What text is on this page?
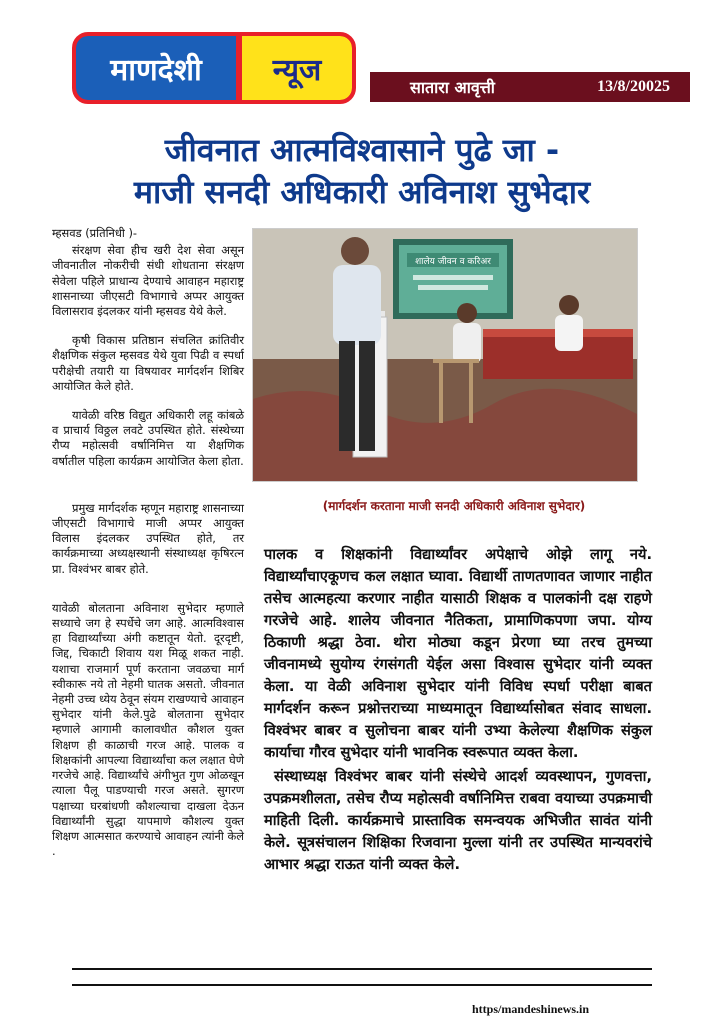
माणदेशी	न्यूज	सातारा आवृत्ती	13/8/20025
जीवनात आत्मविश्वासाने पुढे जा -
माजी सनदी अधिकारी अविनाश सुभेदार

म्हसवड (प्रतिनिधी )-

संरक्षण सेवा हीच खरी देश सेवा असून जीवनातील नोकरीची संधी शोधताना संरक्षण सेवेला पहिले प्राधान्य देण्याचे आवाहन महाराष्ट्र शासनाच्या जीएसटी विभागाचे अप्पर आयुक्त विलासराव इंदलकर यांनी म्हसवड येथे केले.

कृषी विकास प्रतिष्ठान संचलित क्रांतिवीर शैक्षणिक संकुल म्हसवड येथे युवा पिढी व स्पर्धा परीक्षेची तयारी या विषयावर मार्गदर्शन शिबिर आयोजित केले होते.

यावेळी वरिष्ठ विद्युत अधिकारी लहू कांबळे व प्राचार्य विठ्ठल लवटे उपस्थित होते. संस्थेच्या रौप्य महोत्सवी वर्षानिमित्त या शैक्षणिक वर्षातील पहिला कार्यक्रम आयोजित केला होता.

प्रमुख मार्गदर्शक म्हणून महाराष्ट्र शासनाच्या जीएसटी विभागाचे माजी अप्पर आयुक्त विलास इंदलकर उपस्थित होते, तर कार्यक्रमाच्या अध्यक्षस्थानी संस्थाध्यक्ष कृषिरत्न प्रा. विश्वंभर बाबर होते.

यावेळी बोलताना अविनाश सुभेदार म्हणाले सध्याचे जग हे स्पर्धेचे जग आहे. आत्मविश्वास हा विद्यार्थ्यांच्या अंगी कष्टातून येतो. दूरदृष्टी, जिद्द, चिकाटी शिवाय यश मिळू शकत नाही. यशाचा राजमार्ग पूर्ण करताना जवळचा मार्ग स्वीकारू नये तो नेहमी घातक असतो. जीवनात नेहमी उच्च ध्येय ठेवून संयम राखण्याचे आवाहन सुभेदार यांनी केले.पुढे बोलताना सुभेदार म्हणाले आगामी कालावधीत कौशल युक्त शिक्षण ही काळाची गरज आहे. पालक व शिक्षकांनी आपल्या विद्यार्थ्यांचा कल लक्षात घेणे गरजेचे आहे. विद्यार्थ्यांचे अंगीभुत गुण ओळखून त्याला पैलू पाडण्याची गरज असते. सुगरण पक्षाच्या घरबांधणी कौशल्याचा दाखला देऊन विद्यार्थ्यांनी सुद्धा यापमाणे कौशल्य युक्त शिक्षण आत्मसात करण्याचे आवाहन त्यांनी केले .

शालेय जीवन व करिअर
(मार्गदर्शन करताना माजी सनदी अधिकारी अविनाश सुभेदार)

पालक व शिक्षकांनी विद्यार्थ्यांवर अपेक्षाचे ओझे लागू नये. विद्यार्थ्यांचाएकूणच कल लक्षात घ्यावा. विद्यार्थी ताणतणावत जाणार नाहीत तसेच आत्महत्या करणार नाहीत यासाठी शिक्षक व पालकांनी दक्ष राहणे गरजेचे आहे. शालेय जीवनात नैतिकता, प्रामाणिकपणा जपा. योग्य ठिकाणी श्रद्धा ठेवा. थोरा मोठ्या कडून प्रेरणा घ्या तरच तुमच्या जीवनामध्ये सुयोग्य रंगसंगती येईल असा विश्वास सुभेदार यांनी व्यक्त केला. या वेळी अविनाश सुभेदार यांनी विविध स्पर्धा परीक्षा बाबत मार्गदर्शन करून प्रश्नोत्तराच्या माध्यमातून विद्यार्थ्यासोबत संवाद साधला. विश्वंभर बाबर व सुलोचना बाबर यांनी उभ्या केलेल्या शैक्षणिक संकुल कार्याचा गौरव सुभेदार यांनी भावनिक स्वरूपात व्यक्त केला.

संस्थाध्यक्ष विश्वंभर बाबर यांनी संस्थेचे आदर्श व्यवस्थापन, गुणवत्ता, उपक्रमशीलता, तसेच रौप्य महोत्सवी वर्षानिमित्त राबवा वयाच्या उपक्रमाची माहिती दिली. कार्यक्रमाचे प्रास्ताविक समन्वयक अभिजीत सावंत यांनी केले. सूत्रसंचालन शिक्षिका रिजवाना मुल्ला यांनी तर उपस्थित मान्यवरांचे आभार श्रद्धा राऊत यांनी व्यक्त केले.

https/mandeshinews.in
